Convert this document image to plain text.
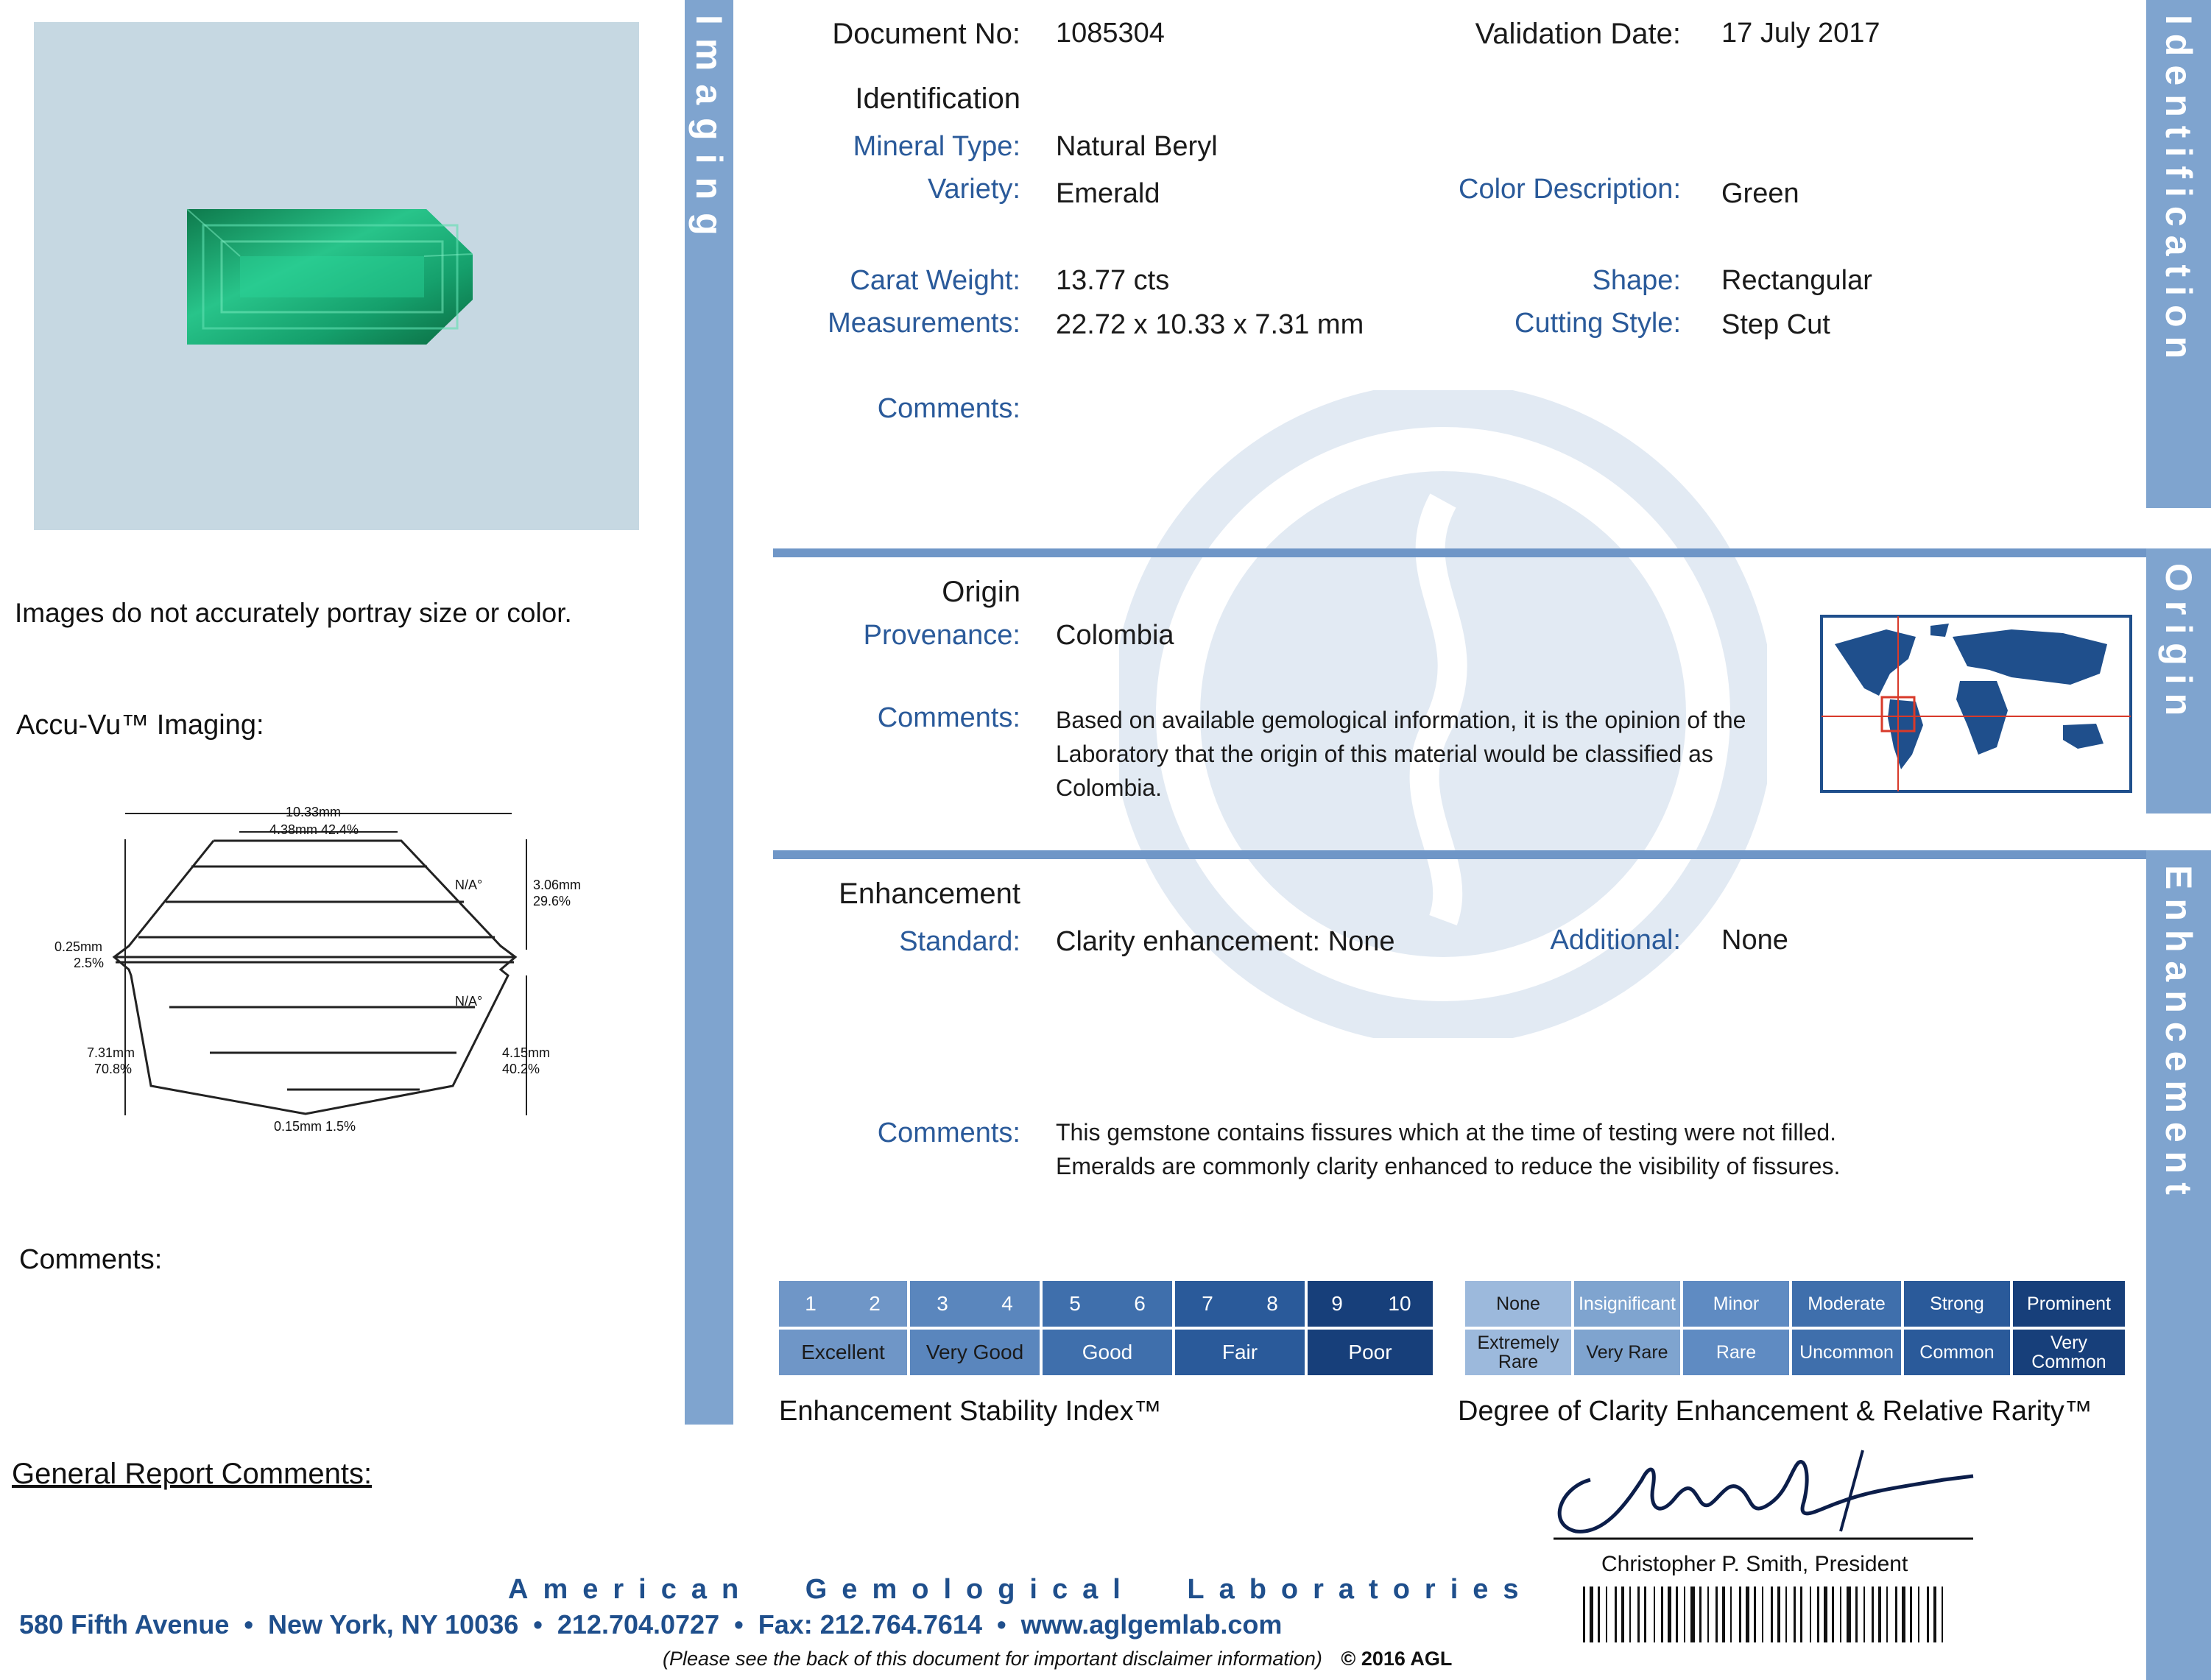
Images do not accurately portray size or color.
Accu-Vu™ Imaging:
10.33mm
4.38mm 42.4%
N/A°	3.06mm
29.6%
0.25mm
2.5%
N/A°
7.31mm
70.8%
4.15mm
40.2%
0.15mm 1.5%
Comments:
General Report Comments:
Imaging	Identification
Document No: 1085304	Validation Date: 17 July 2017
Identification
Mineral Type: Natural Beryl
Variety: Emerald	Color Description: Green
Carat Weight: 13.77 cts	Shape: Rectangular
Measurements: 22.72 x 10.33 x 7.31 mm	Cutting Style: Step Cut
Comments:
Origin
Origin
Provenance: Colombia
Comments: Based on available gemological information, it is the opinion of the
Laboratory that the origin of this material would be classified as
Colombia.
Enhancement
Enhancement
Standard: Clarity enhancement: None	Additional: None
Comments: This gemstone contains fissures which at the time of testing were not filled.
Emeralds are commonly clarity enhanced to reduce the visibility of fissures.
1	2	3	4	5	6	7	8	9	10
Excellent	Very Good	Good	Fair	Poor
Enhancement Stability Index™
None	Insignificant	Minor	Moderate	Strong	Prominent
Extremely Rare	Very Rare	Rare	Uncommon	Common	Very Common
Degree of Clarity Enhancement & Relative Rarity™
Christopher P. Smith, President
American Gemological Laboratories
580 Fifth Avenue  •  New York, NY 10036  •  212.704.0727  •  Fax: 212.764.7614  •  www.aglgemlab.com
(Please see the back of this document for important disclaimer information) © 2016 AGL
